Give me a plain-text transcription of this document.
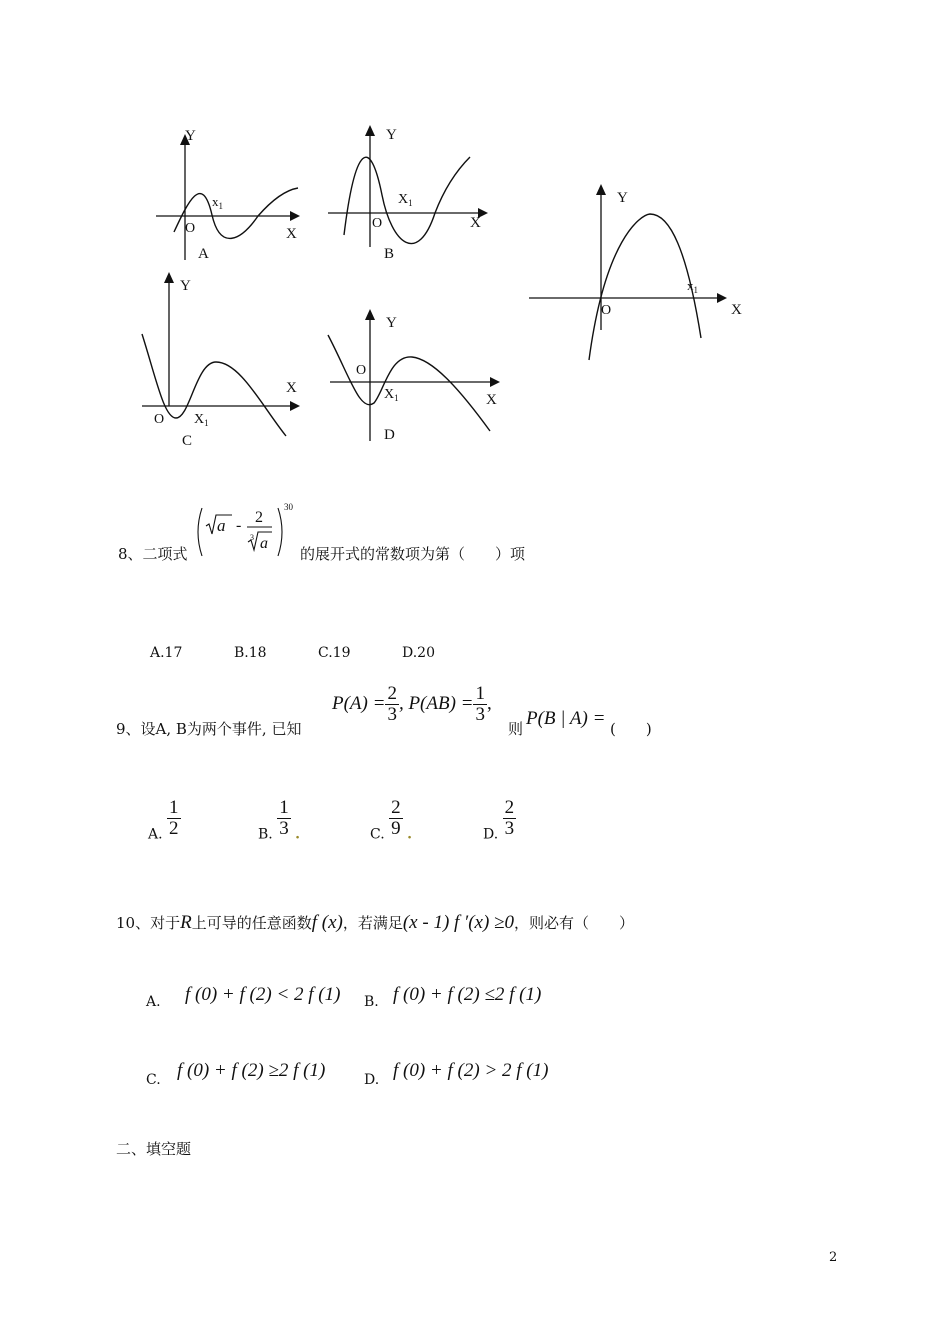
Y
O	X
$x_1$
A
Y
O	X
$X_1$
B
Y
O	X
$x_1$
Y
O
X
$X_1$
C
Y
O
X
$X_1$
D
8、二项式
a - 2
3 a
30
的展开式的常数项为第（　　）项
A.17	B.18	C.19	D.20
9、设A, B为两个事件, 已知
$P(A) = \frac{2}{3}$ , $P(AB) = \frac{1}{3}$ ,
则 P(B | A) = (　　)
A. $\frac{1}{2}$	B. $\frac{1}{3}$ .	C. $\frac{2}{9}$ .	D. $\frac{2}{3}$
10、对于R上可导的任意函数f (x)，若满足(x - 1) f ′(x) ≥0，则必有（　　）
A. f (0) + f (2) < 2 f (1) B. f (0) + f (2) ≤2 f (1)
C. f (0) + f (2) ≥2 f (1)	D. f (0) + f (2) > 2 f (1)
二、填空题
2
